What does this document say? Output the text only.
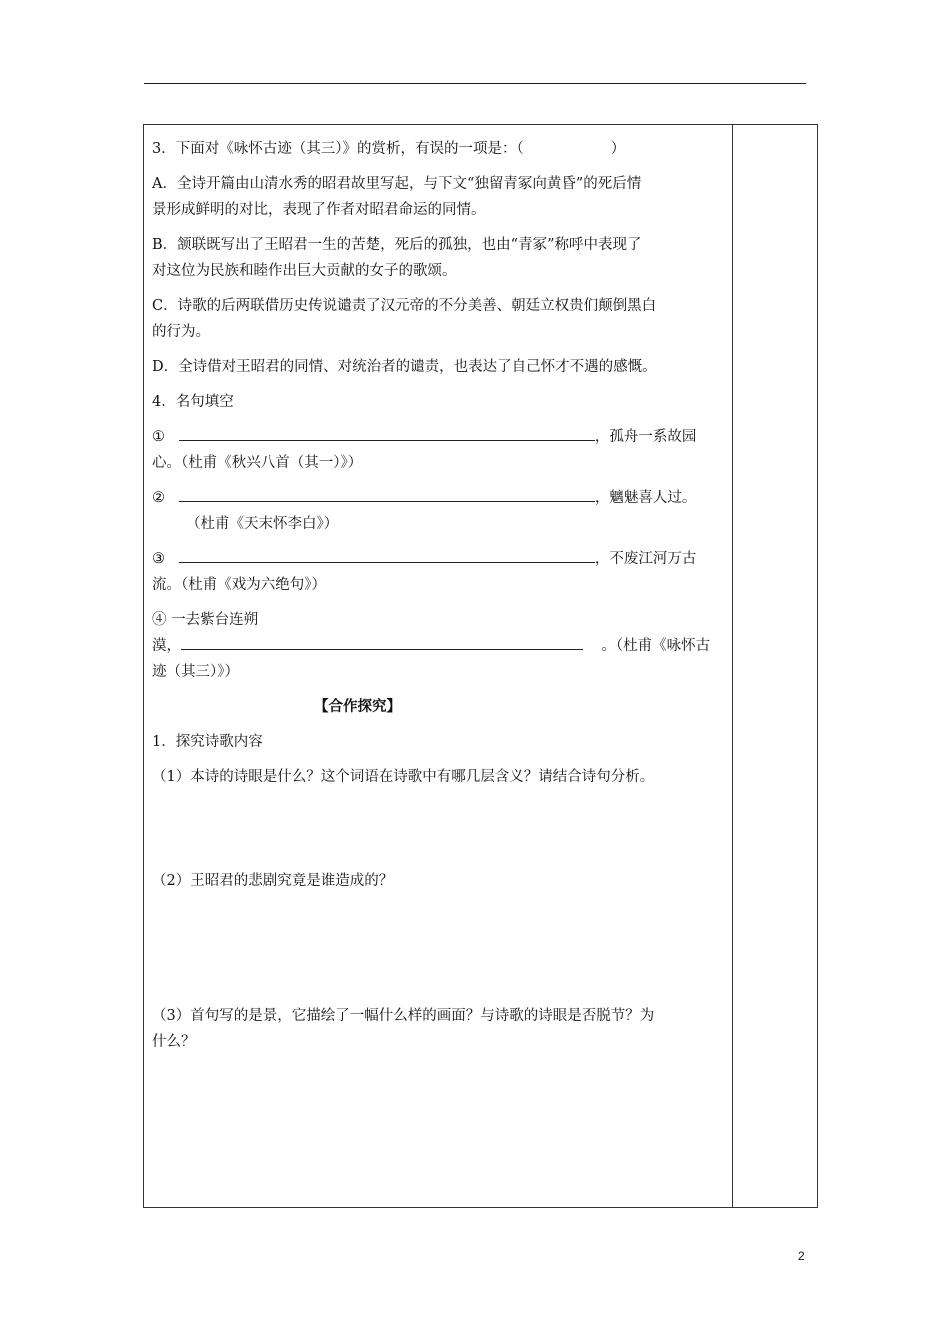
3．下面对《咏怀古迹（其三）》的赏析，有误的一项是：（　　　　　　）

A．全诗开篇由山清水秀的昭君故里写起，与下文“独留青冢向黄昏”的死后情

景形成鲜明的对比，表现了作者对昭君命运的同情。

B．颔联既写出了王昭君一生的苦楚，死后的孤独，也由“青冢”称呼中表现了

对这位为民族和睦作出巨大贡献的女子的歌颂。

C．诗歌的后两联借历史传说谴责了汉元帝的不分美善、朝廷立权贵们颠倒黑白

的行为。

D．全诗借对王昭君的同情、对统治者的谴责，也表达了自己怀才不遇的感慨。

4．名句填空

①	，孤舟一系故园

心。（杜甫《秋兴八首（其一）》）

②	，魑魅喜人过。

（杜甫《天末怀李白》）

③	，不废江河万古

流。（杜甫《戏为六绝句》）

④ 一去紫台连朔

漠，	。（杜甫《咏怀古

迹（其三）》）

【合作探究】

1．探究诗歌内容

（1）本诗的诗眼是什么？这个词语在诗歌中有哪几层含义？请结合诗句分析。

（2）王昭君的悲剧究竟是谁造成的？

（3）首句写的是景，它描绘了一幅什么样的画面？与诗歌的诗眼是否脱节？为

什么？

2
